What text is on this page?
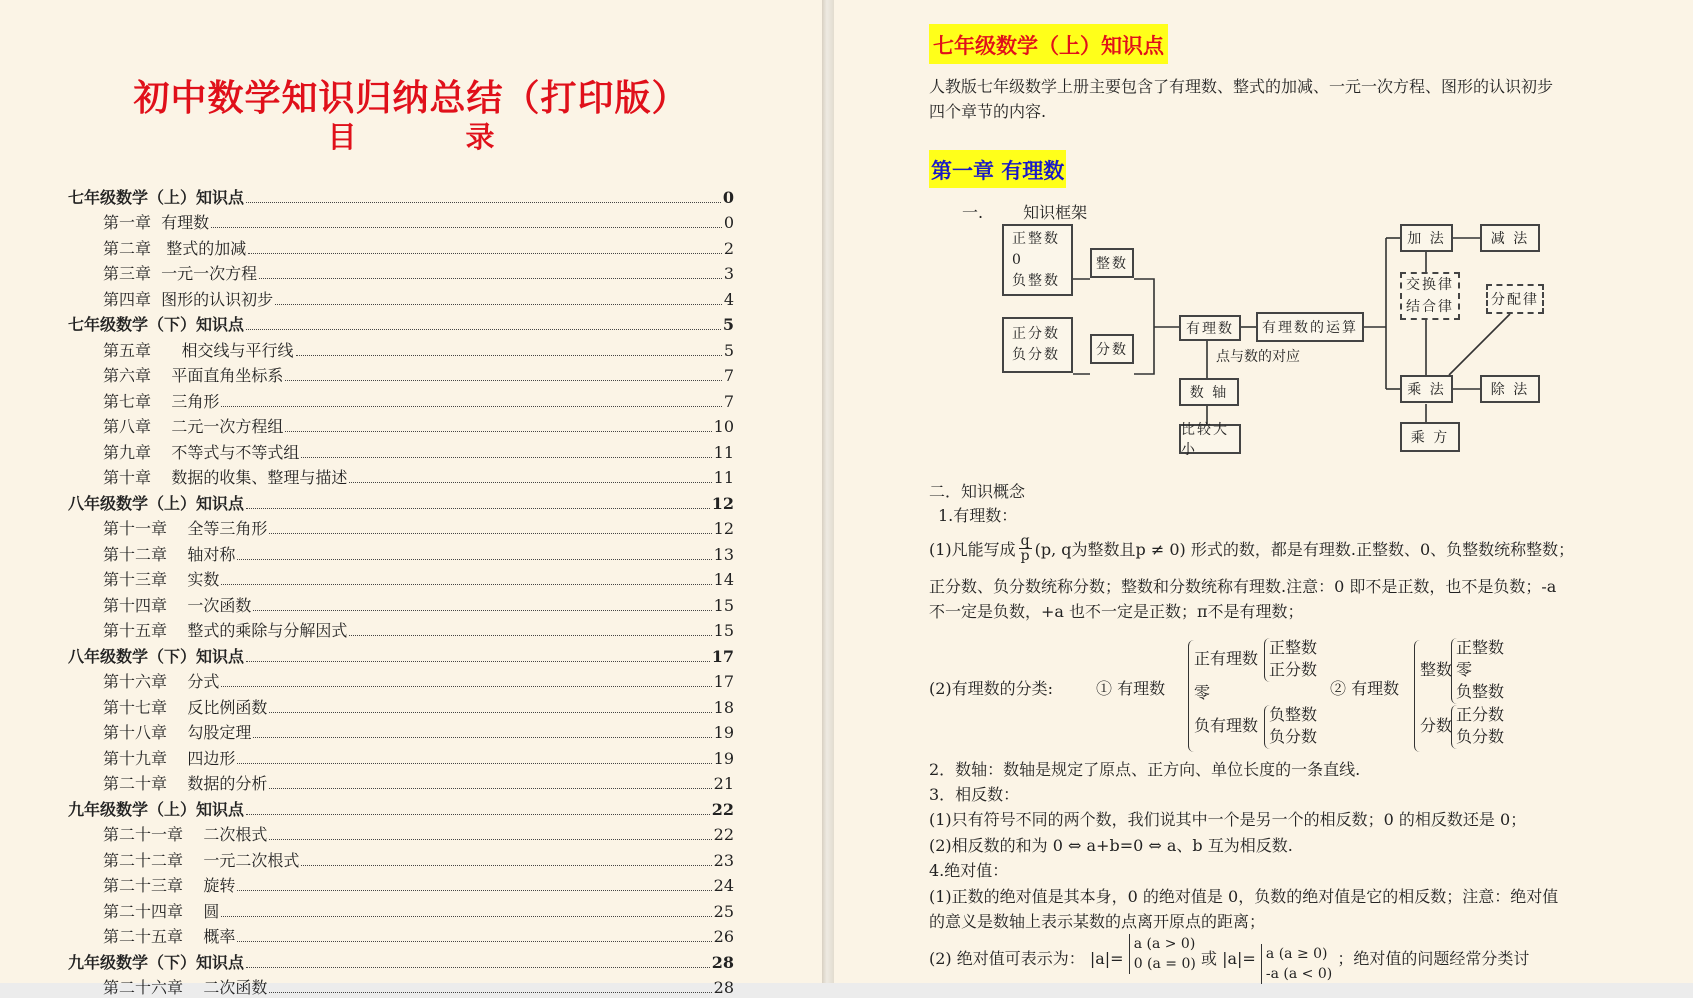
初中数学知识归纳总结（打印版）
目　录
七年级数学（上）知识点	0
第一章  有理数	0
第二章   整式的加减	2
第三章  一元一次方程	3
第四章  图形的认识初步	4
七年级数学（下）知识点	5
第五章      相交线与平行线	5
第六章    平面直角坐标系	7
第七章    三角形	7
第八章    二元一次方程组	10
第九章    不等式与不等式组	11
第十章    数据的收集、整理与描述	11
八年级数学（上）知识点	12
第十一章    全等三角形	12
第十二章    轴对称	13
第十三章    实数	14
第十四章    一次函数	15
第十五章    整式的乘除与分解因式	15
八年级数学（下）知识点	17
第十六章    分式	17
第十七章    反比例函数	18
第十八章    勾股定理	19
第十九章    四边形	19
第二十章    数据的分析	21
九年级数学（上）知识点	22
第二十一章    二次根式	22
第二十二章    一元二次根式	23
第二十三章    旋转	24
第二十四章    圆	25
第二十五章    概率	26
九年级数学（下）知识点	28
第二十六章    二次函数	28
七年级数学（上）知识点
人教版七年级数学上册主要包含了有理数、整式的加减、一元一次方程、图形的认识初步
四个章节的内容.
第一章 有理数
一.	知识框架
正整数
0
负整数
整数
正分数
负分数	分数
有理数	有理数的运算
点与数的对应
数 轴
比较大小
加 法	减 法
交换律
结合律	分配律
乘 法	除 法
乘 方
二．知识概念
1.有理数：
(1)凡能写成 $\frac{q}{p} (p$, q为整数且p ≠ 0) 形式的数，都是有理数.正整数、0、负整数统称整数；
正分数、负分数统称分数；整数和分数统称有理数.注意：0 即不是正数，也不是负数；-a
不一定是负数，+a 也不一定是正数；π不是有理数；
(2)有理数的分类:	① 有理数
正有理数
正整数
正分数
零
负有理数
负整数
负分数
② 有理数
整数
正整数
零
负整数
分数
正分数
负分数
2．数轴：数轴是规定了原点、正方向、单位长度的一条直线.
3．相反数：
(1)只有符号不同的两个数，我们说其中一个是另一个的相反数；0 的相反数还是 0；
(2)相反数的和为 0 ⇔ a+b=0 ⇔ a、b 互为相反数.
4.绝对值：
(1)正数的绝对值是其本身，0 的绝对值是 0，负数的绝对值是它的相反数；注意：绝对值
的意义是数轴上表示某数的点离开原点的距离；
(2) 绝对值可表示为： |a|=
a (a > 0)
0 (a = 0) 或 |a|= a (a ≥ 0)
-a (a < 0)
；绝对值的问题经常分类讨
